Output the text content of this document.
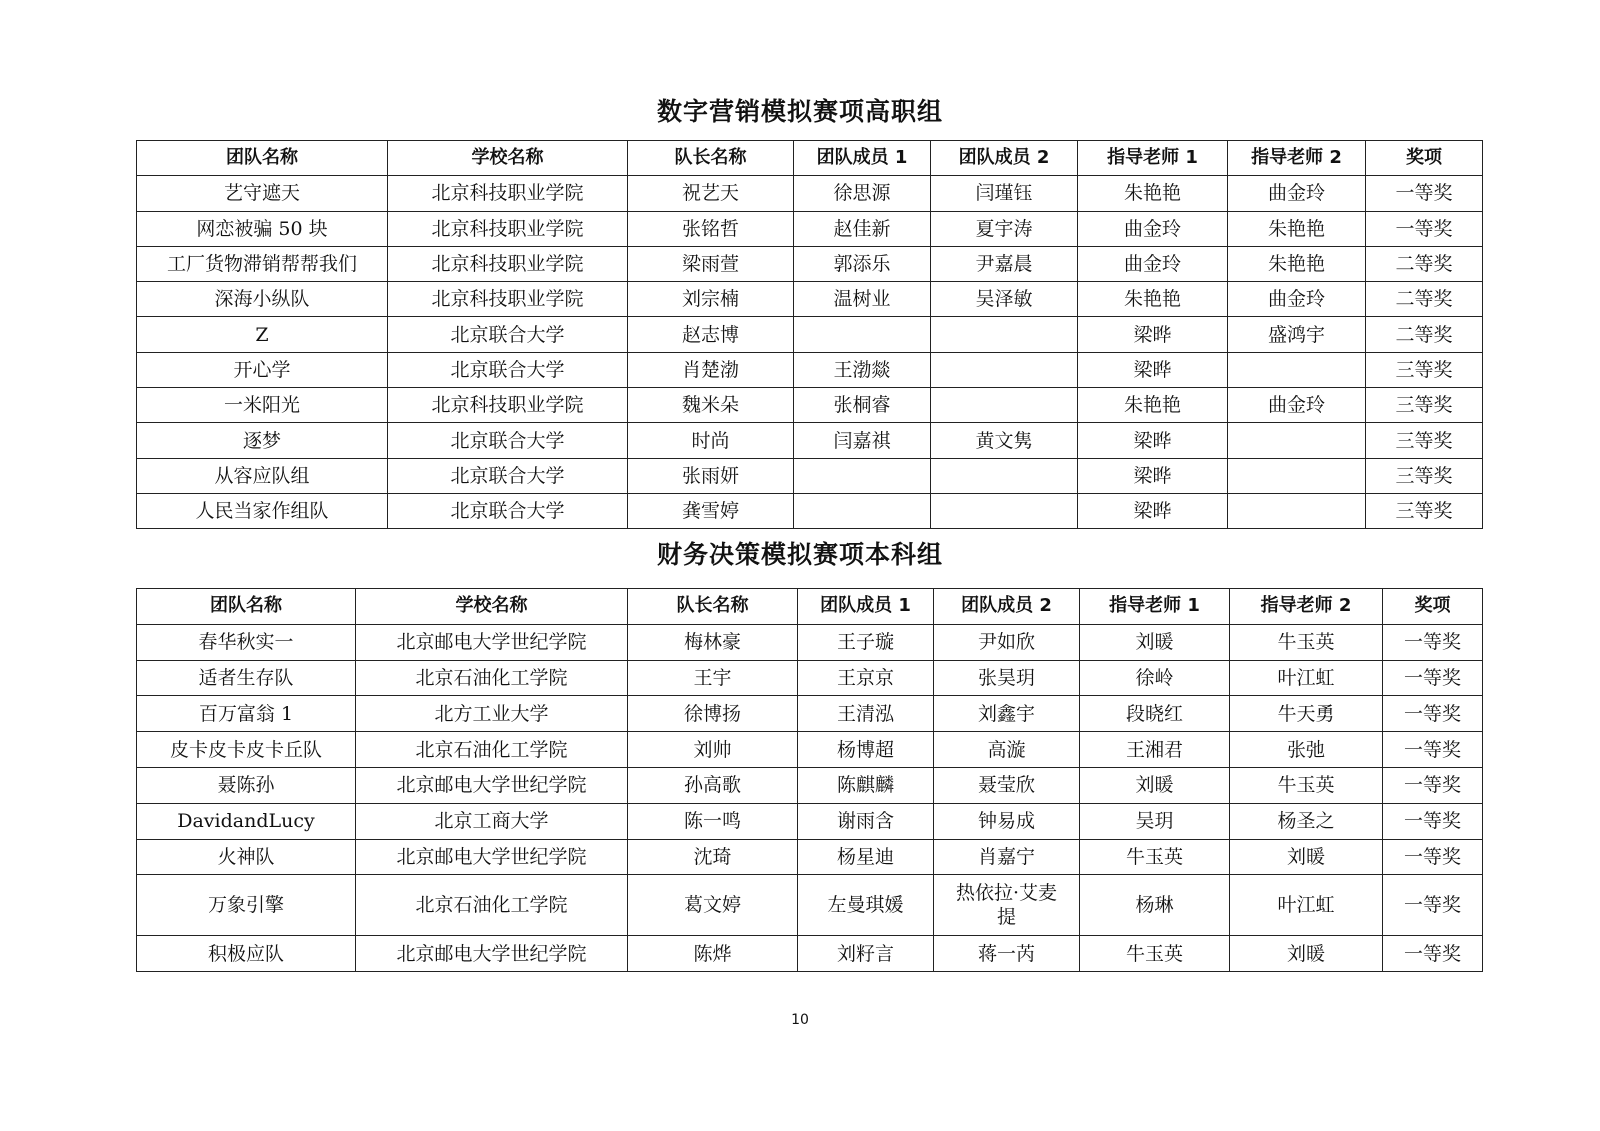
数字营销模拟赛项高职组
团队名称	学校名称	队长名称	团队成员 1	团队成员 2	指导老师 1	指导老师 2	奖项
艺守遮天	北京科技职业学院	祝艺天	徐思源	闫瑾钰	朱艳艳	曲金玲	一等奖
网恋被骗 50 块	北京科技职业学院	张铭哲	赵佳新	夏宇涛	曲金玲	朱艳艳	一等奖
工厂货物滞销帮帮我们	北京科技职业学院	梁雨萱	郭添乐	尹嘉晨	曲金玲	朱艳艳	二等奖
深海小纵队	北京科技职业学院	刘宗楠	温树业	吴泽敏	朱艳艳	曲金玲	二等奖
Z	北京联合大学	赵志博			梁晔	盛鸿宇	二等奖
开心学	北京联合大学	肖楚渤	王渤燚		梁晔		三等奖
一米阳光	北京科技职业学院	魏米朵	张桐睿		朱艳艳	曲金玲	三等奖
逐梦	北京联合大学	时尚	闫嘉祺	黄文隽	梁晔		三等奖
从容应队组	北京联合大学	张雨妍			梁晔		三等奖
人民当家作组队	北京联合大学	龚雪婷			梁晔		三等奖
财务决策模拟赛项本科组
团队名称	学校名称	队长名称	团队成员 1	团队成员 2	指导老师 1	指导老师 2	奖项
春华秋实一	北京邮电大学世纪学院	梅林豪	王子璇	尹如欣	刘暖	牛玉英	一等奖
适者生存队	北京石油化工学院	王宇	王京京	张昊玥	徐岭	叶江虹	一等奖
百万富翁 1	北方工业大学	徐博扬	王清泓	刘鑫宇	段晓红	牛天勇	一等奖
皮卡皮卡皮卡丘队	北京石油化工学院	刘帅	杨博超	高漩	王湘君	张弛	一等奖
聂陈孙	北京邮电大学世纪学院	孙高歌	陈麒麟	聂莹欣	刘暖	牛玉英	一等奖
DavidandLucy	北京工商大学	陈一鸣	谢雨含	钟易成	吴玥	杨圣之	一等奖
火神队	北京邮电大学世纪学院	沈琦	杨星迪	肖嘉宁	牛玉英	刘暖	一等奖
万象引擎	北京石油化工学院	葛文婷	左曼琪媛	热依拉·艾麦提	杨琳	叶江虹	一等奖
积极应队	北京邮电大学世纪学院	陈烨	刘籽言	蒋一芮	牛玉英	刘暖	一等奖
10
